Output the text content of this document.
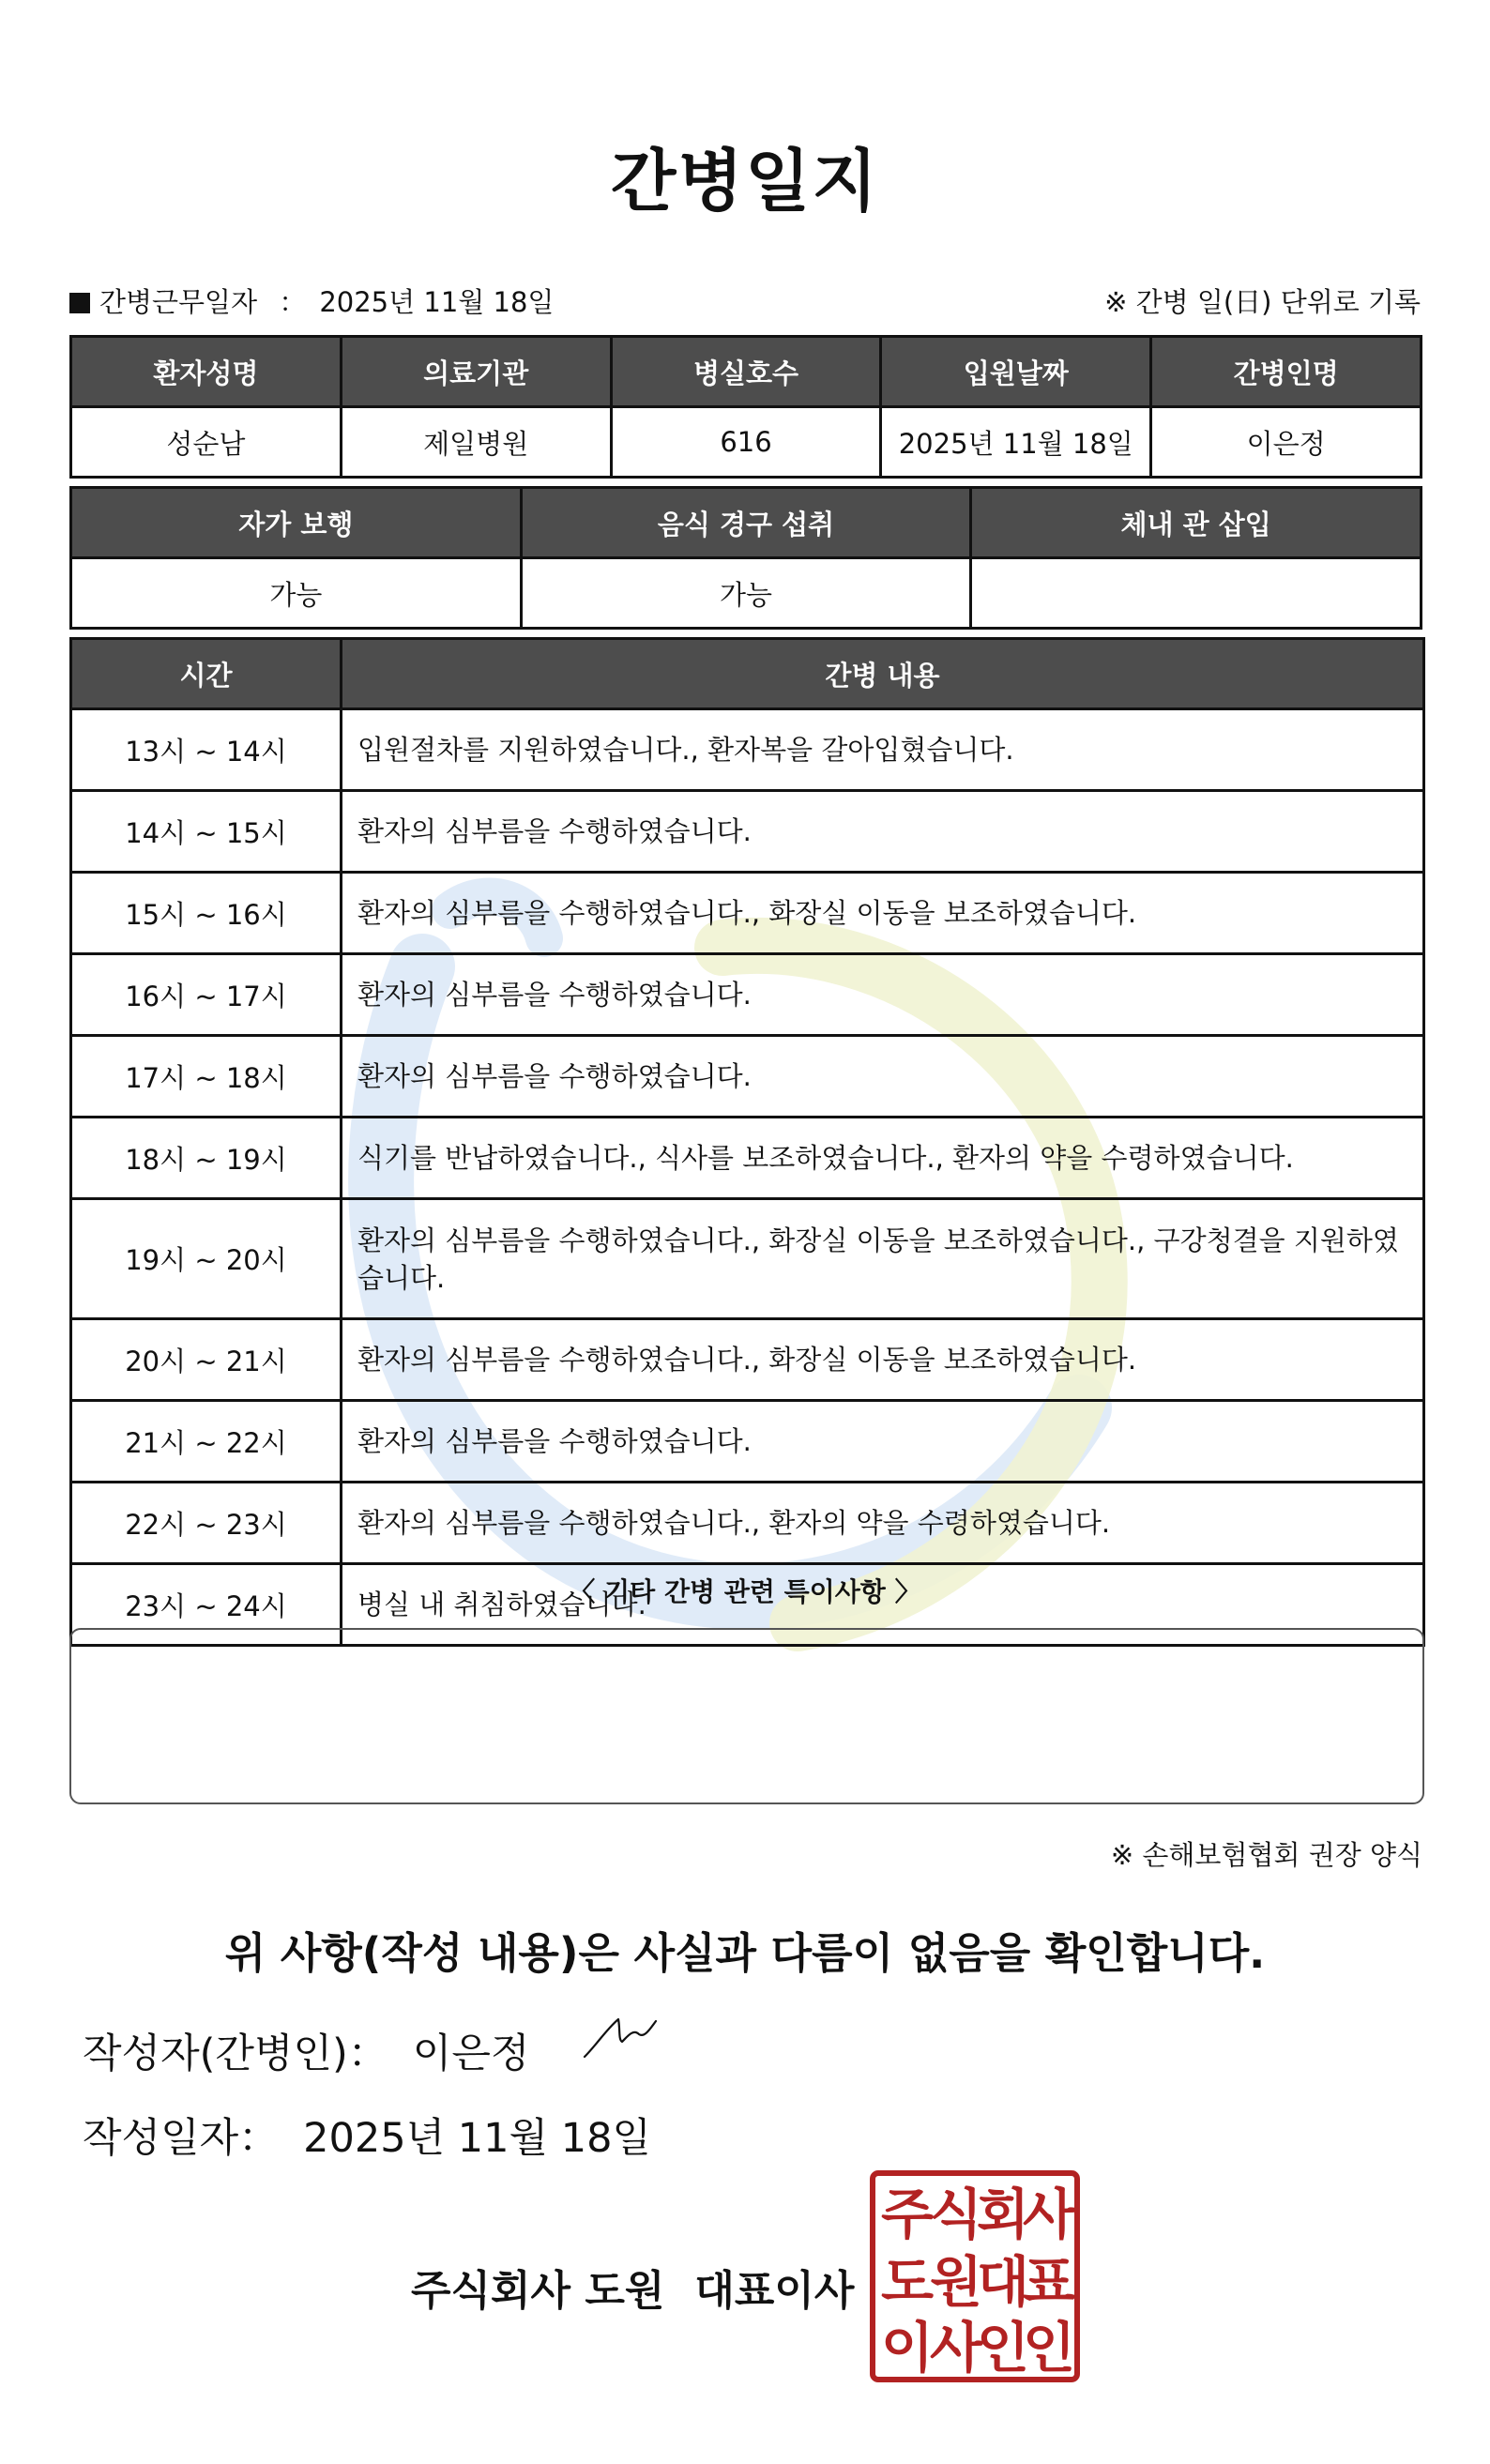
간병일지
간병근무일자 ： 2025년 11월 18일	※ 간병 일(日) 단위로 기록
환자성명	의료기관	병실호수	입원날짜	간병인명
성순남	제일병원	616	2025년 11월 18일	이은정
자가 보행	음식 경구 섭취	체내 관 삽입
가능	가능	
시간	간병 내용
13시 ~ 14시	입원절차를 지원하였습니다., 환자복을 갈아입혔습니다.
14시 ~ 15시	환자의 심부름을 수행하였습니다.
15시 ~ 16시	환자의 심부름을 수행하였습니다., 화장실 이동을 보조하였습니다.
16시 ~ 17시	환자의 심부름을 수행하였습니다.
17시 ~ 18시	환자의 심부름을 수행하였습니다.
18시 ~ 19시	식기를 반납하였습니다., 식사를 보조하였습니다., 환자의 약을 수령하였습니다.
19시 ~ 20시	환자의 심부름을 수행하였습니다., 화장실 이동을 보조하였습니다., 구강청결을 지원하였습니다.
20시 ~ 21시	환자의 심부름을 수행하였습니다., 화장실 이동을 보조하였습니다.
21시 ~ 22시	환자의 심부름을 수행하였습니다.
22시 ~ 23시	환자의 심부름을 수행하였습니다., 환자의 약을 수령하였습니다.
23시 ~ 24시	병실 내 취침하였습니다.
〈 기타 간병 관련 특이사항 〉
※ 손해보험협회 권장 양식
위 사항(작성 내용)은 사실과 다름이 없음을 확인합니다.
작성자(간병인)： 이은정
작성일자： 2025년 11월 18일
주식회사 도원 대표이사
주
식
회
사
도
원
대
표
이
사
인
인
